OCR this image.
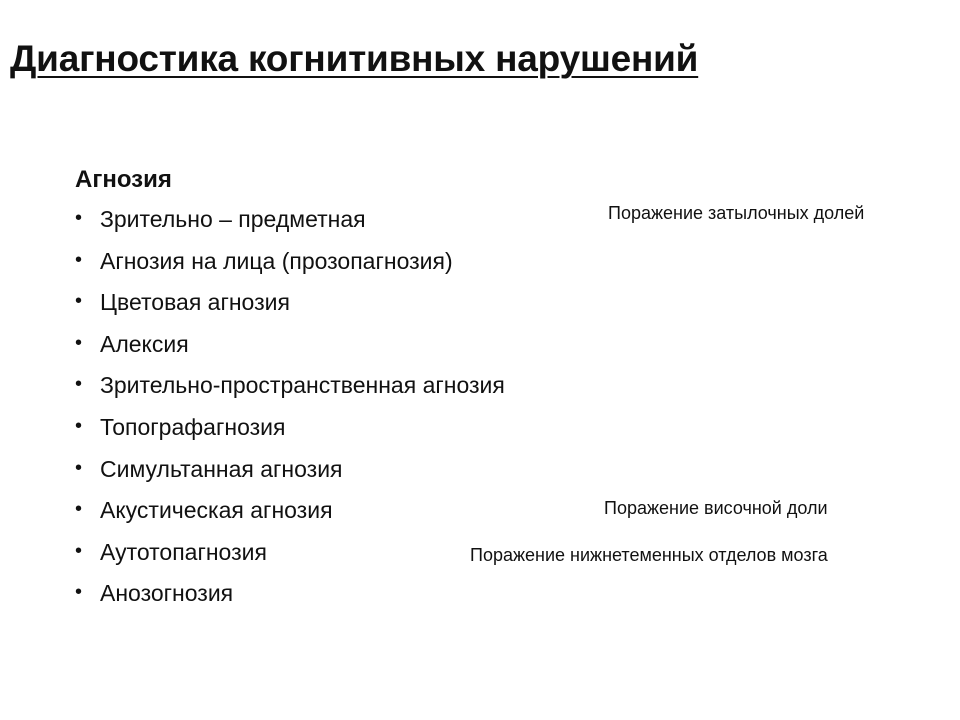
Диагностика когнитивных нарушений
Агнозия
• Зрительно – предметная
• Агнозия на лица (прозопагнозия)
• Цветовая агнозия
• Алексия
• Зрительно-пространственная агнозия
• Топографагнозия
• Симультанная агнозия
• Акустическая агнозия
• Аутотопагнозия
• Анозогнозия
Поражение затылочных долей
Поражение височной доли
Поражение нижнетеменных отделов мозга
